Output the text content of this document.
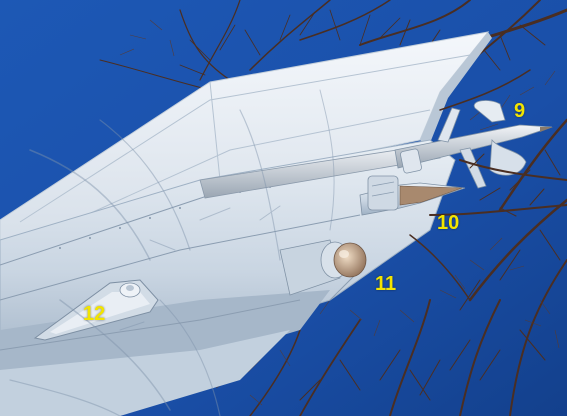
9
10
11
12
